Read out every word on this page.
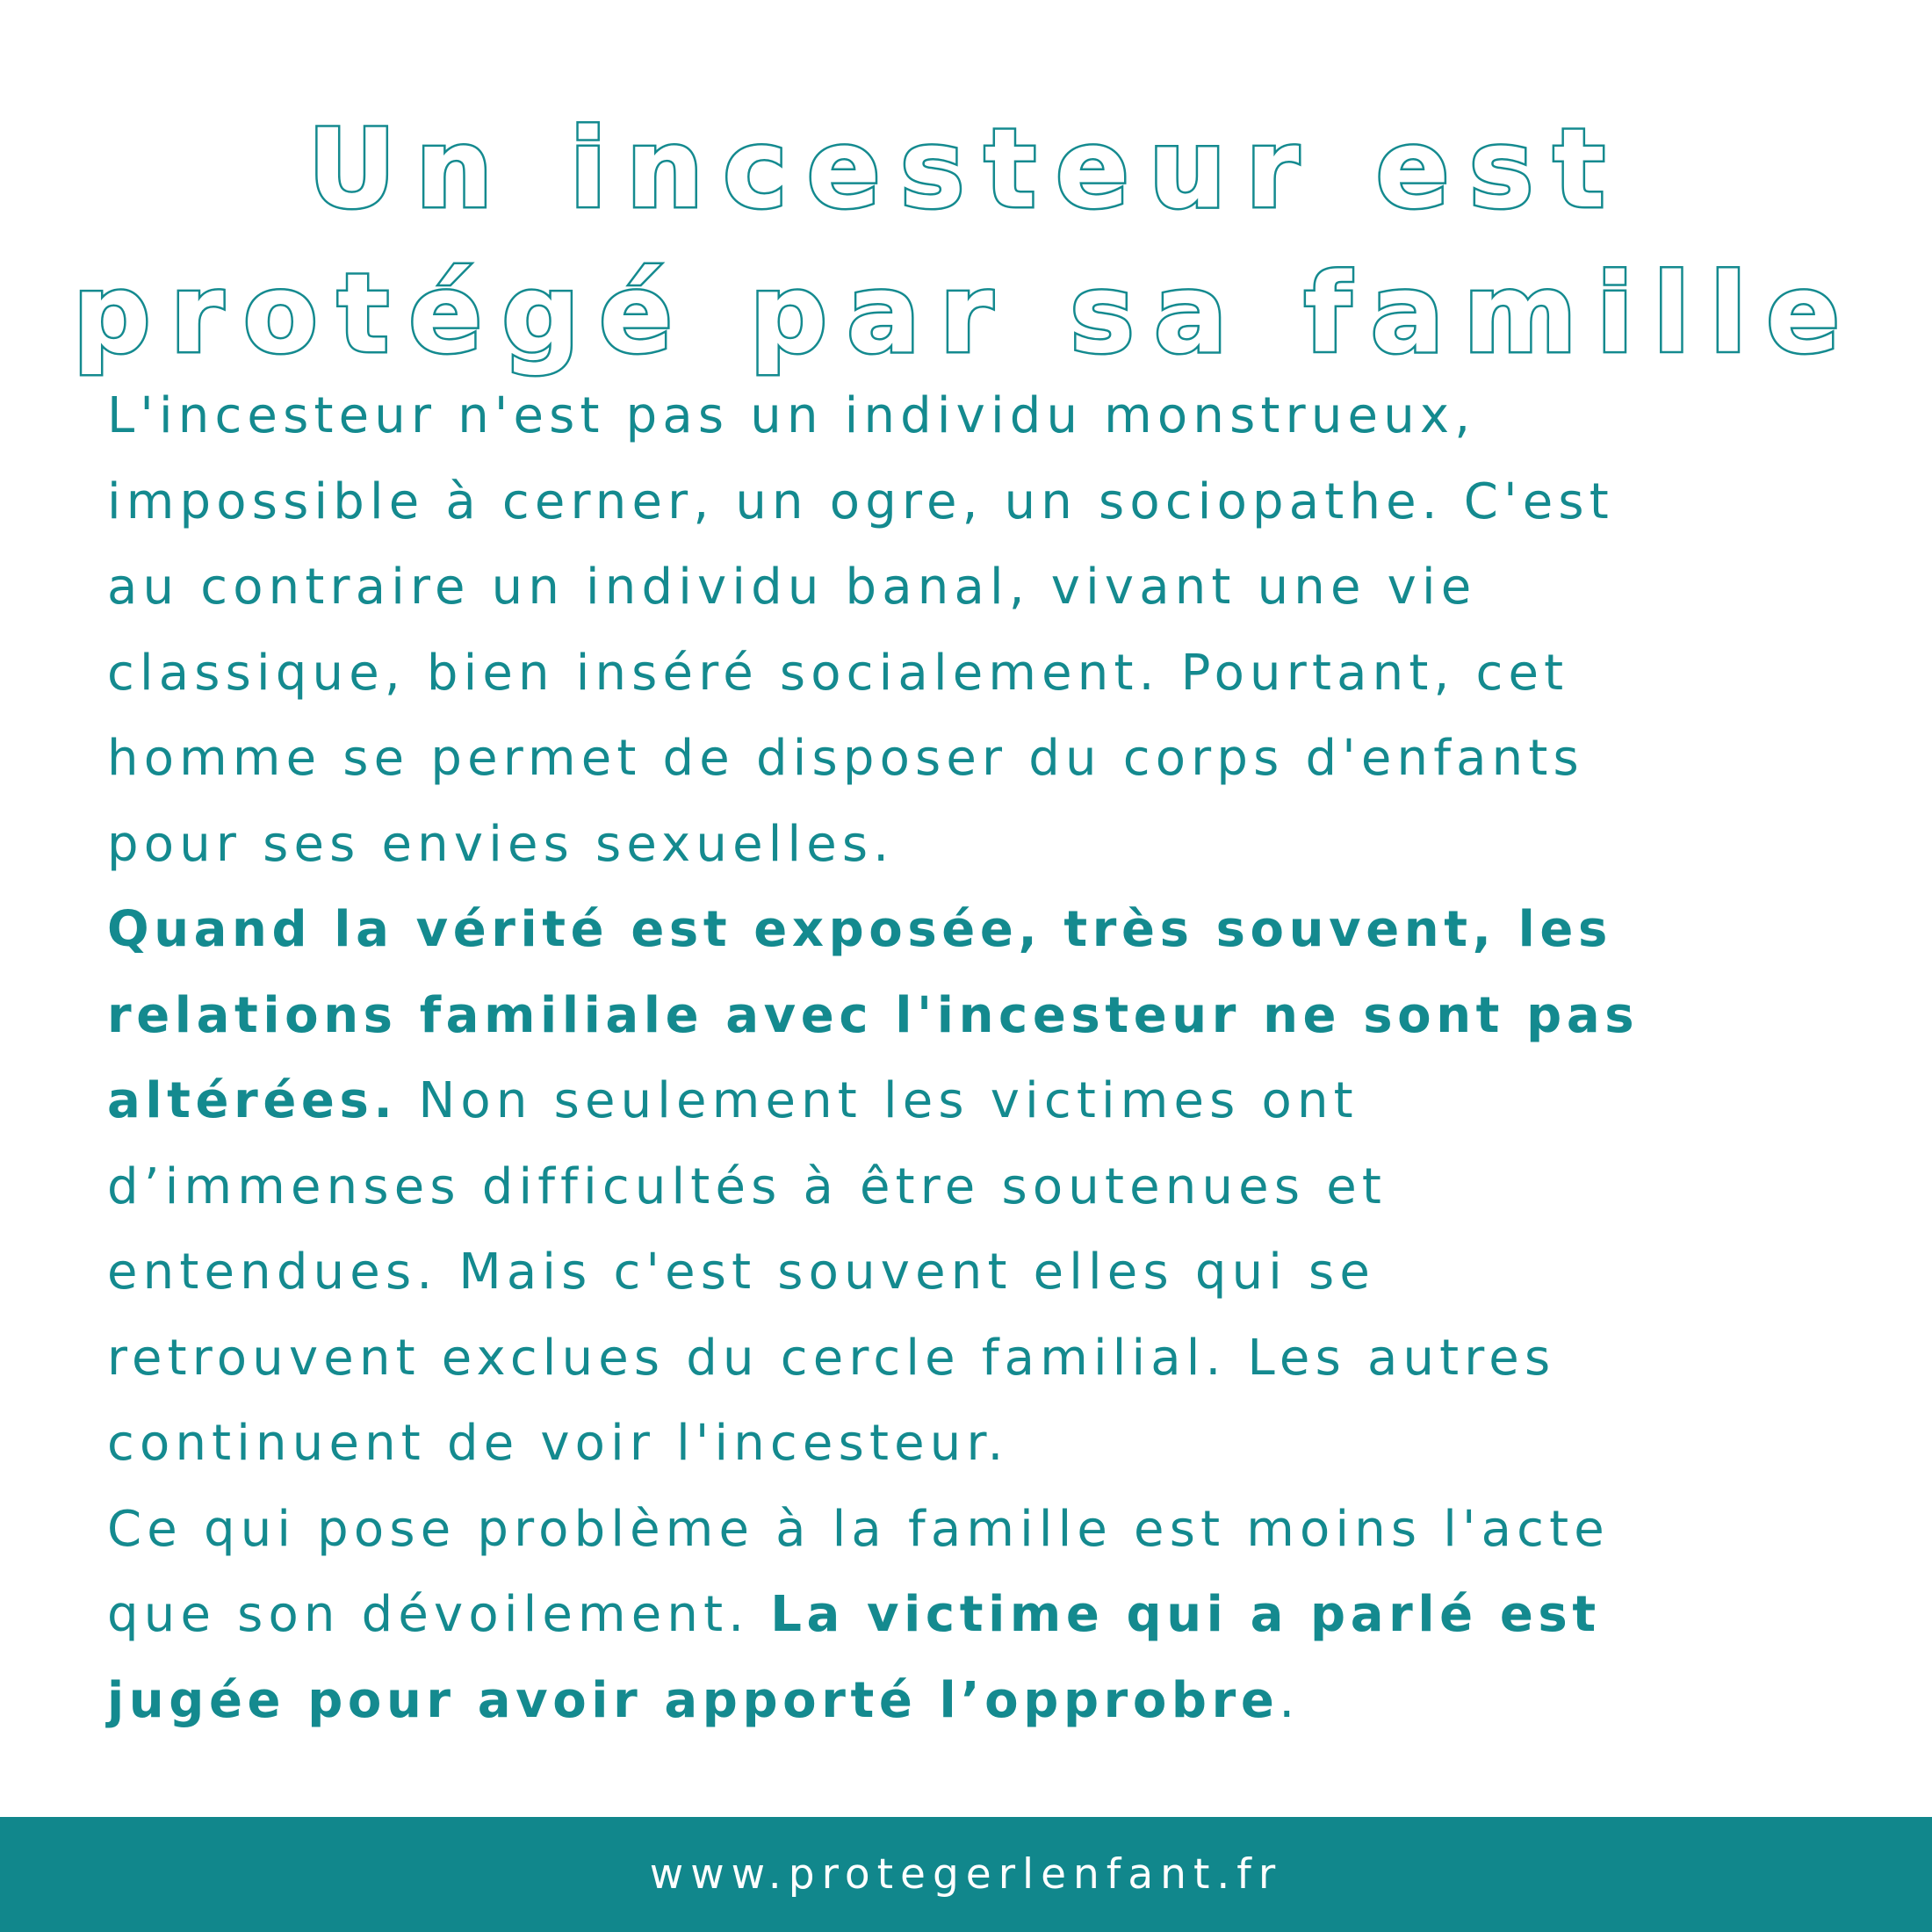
Un incesteur est
protégé par sa famille
L'incesteur n'est pas un individu monstrueux,
impossible à cerner, un ogre, un sociopathe. C'est
au contraire un individu banal, vivant une vie
classique, bien inséré socialement. Pourtant, cet
homme se permet de disposer du corps d'enfants
pour ses envies sexuelles.
Quand la vérité est exposée, très souvent, les
relations familiale avec l'incesteur ne sont pas
altérées. Non seulement les victimes ont
d’immenses difficultés à être soutenues et
entendues. Mais c'est souvent elles qui se
retrouvent exclues du cercle familial. Les autres
continuent de voir l'incesteur.
Ce qui pose problème à la famille est moins l'acte
que son dévoilement. La victime qui a parlé est
jugée pour avoir apporté l’opprobre.
www.protegerlenfant.fr
